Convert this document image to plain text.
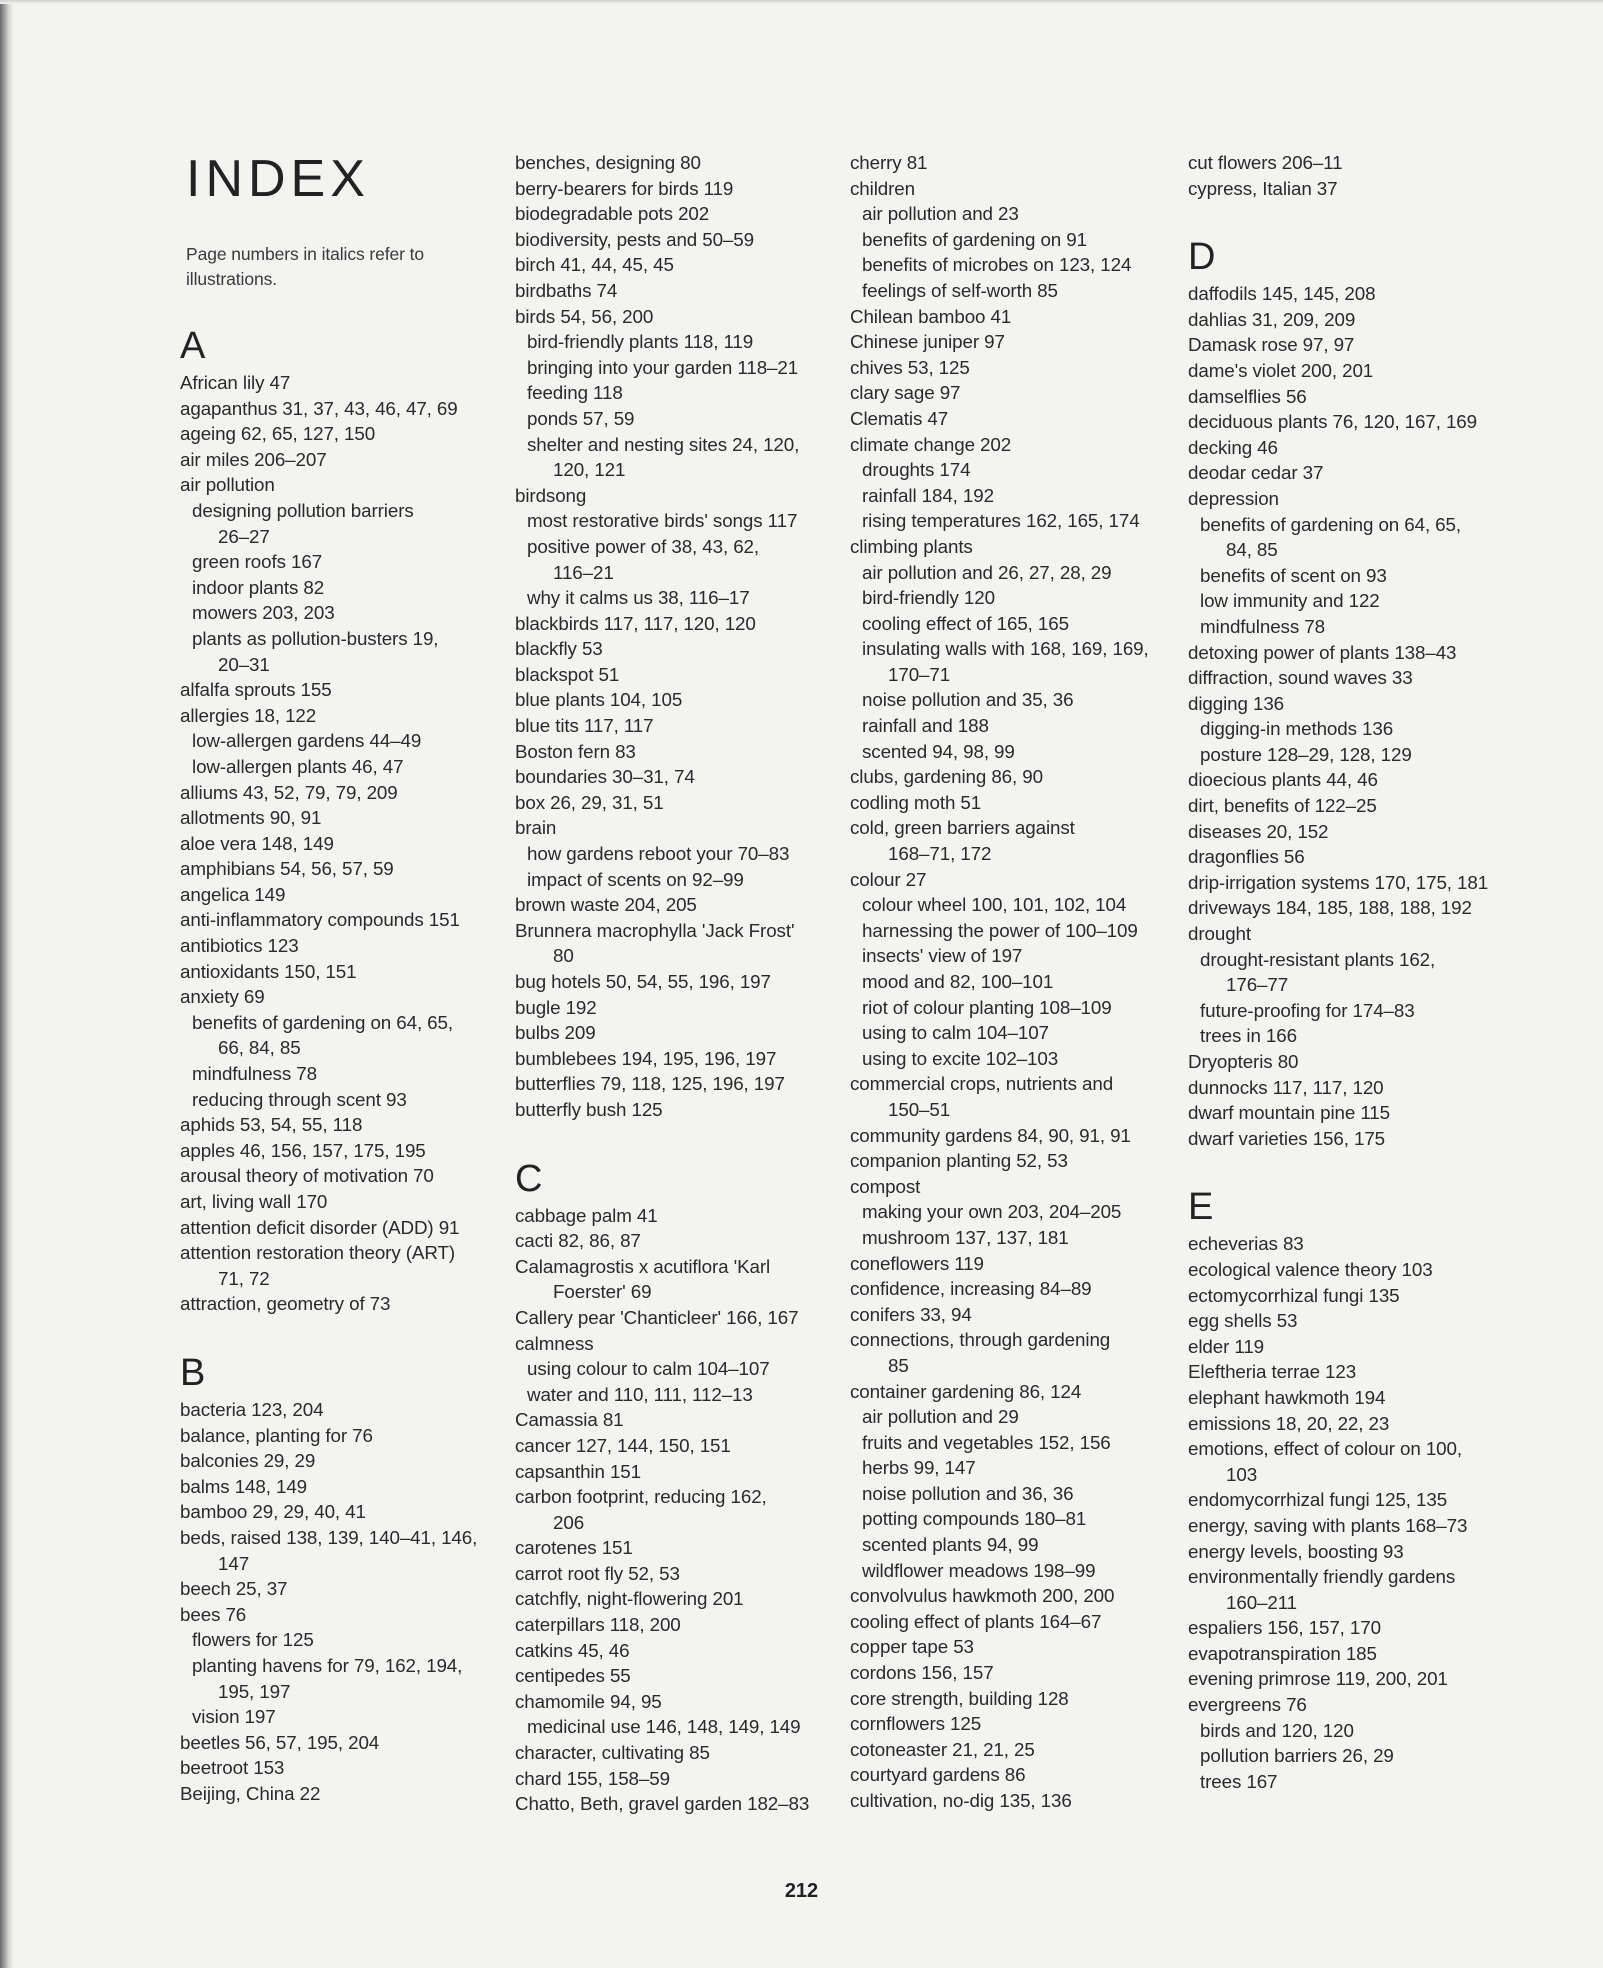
INDEX
Page numbers in italics refer to illustrations.
A
African lily 47
agapanthus 31, 37, 43, 46, 47, 69
ageing 62, 65, 127, 150
air miles 206–207
air pollution
designing pollution barriers
26–27
green roofs 167
indoor plants 82
mowers 203, 203
plants as pollution-busters 19,
20–31
alfalfa sprouts 155
allergies 18, 122
low-allergen gardens 44–49
low-allergen plants 46, 47
alliums 43, 52, 79, 79, 209
allotments 90, 91
aloe vera 148, 149
amphibians 54, 56, 57, 59
angelica 149
anti-inflammatory compounds 151
antibiotics 123
antioxidants 150, 151
anxiety 69
benefits of gardening on 64, 65,
66, 84, 85
mindfulness 78
reducing through scent 93
aphids 53, 54, 55, 118
apples 46, 156, 157, 175, 195
arousal theory of motivation 70
art, living wall 170
attention deficit disorder (ADD) 91
attention restoration theory (ART)
71, 72
attraction, geometry of 73
B
bacteria 123, 204
balance, planting for 76
balconies 29, 29
balms 148, 149
bamboo 29, 29, 40, 41
beds, raised 138, 139, 140–41, 146,
147
beech 25, 37
bees 76
flowers for 125
planting havens for 79, 162, 194,
195, 197
vision 197
beetles 56, 57, 195, 204
beetroot 153
Beijing, China 22
benches, designing 80
berry-bearers for birds 119
biodegradable pots 202
biodiversity, pests and 50–59
birch 41, 44, 45, 45
birdbaths 74
birds 54, 56, 200
bird-friendly plants 118, 119
bringing into your garden 118–21
feeding 118
ponds 57, 59
shelter and nesting sites 24, 120,
120, 121
birdsong
most restorative birds' songs 117
positive power of 38, 43, 62,
116–21
why it calms us 38, 116–17
blackbirds 117, 117, 120, 120
blackfly 53
blackspot 51
blue plants 104, 105
blue tits 117, 117
Boston fern 83
boundaries 30–31, 74
box 26, 29, 31, 51
brain
how gardens reboot your 70–83
impact of scents on 92–99
brown waste 204, 205
Brunnera macrophylla 'Jack Frost'
80
bug hotels 50, 54, 55, 196, 197
bugle 192
bulbs 209
bumblebees 194, 195, 196, 197
butterflies 79, 118, 125, 196, 197
butterfly bush 125
C
cabbage palm 41
cacti 82, 86, 87
Calamagrostis x acutiflora 'Karl
Foerster' 69
Callery pear 'Chanticleer' 166, 167
calmness
using colour to calm 104–107
water and 110, 111, 112–13
Camassia 81
cancer 127, 144, 150, 151
capsanthin 151
carbon footprint, reducing 162,
206
carotenes 151
carrot root fly 52, 53
catchfly, night-flowering 201
caterpillars 118, 200
catkins 45, 46
centipedes 55
chamomile 94, 95
medicinal use 146, 148, 149, 149
character, cultivating 85
chard 155, 158–59
Chatto, Beth, gravel garden 182–83
cherry 81
children
air pollution and 23
benefits of gardening on 91
benefits of microbes on 123, 124
feelings of self-worth 85
Chilean bamboo 41
Chinese juniper 97
chives 53, 125
clary sage 97
Clematis 47
climate change 202
droughts 174
rainfall 184, 192
rising temperatures 162, 165, 174
climbing plants
air pollution and 26, 27, 28, 29
bird-friendly 120
cooling effect of 165, 165
insulating walls with 168, 169, 169,
170–71
noise pollution and 35, 36
rainfall and 188
scented 94, 98, 99
clubs, gardening 86, 90
codling moth 51
cold, green barriers against
168–71, 172
colour 27
colour wheel 100, 101, 102, 104
harnessing the power of 100–109
insects' view of 197
mood and 82, 100–101
riot of colour planting 108–109
using to calm 104–107
using to excite 102–103
commercial crops, nutrients and
150–51
community gardens 84, 90, 91, 91
companion planting 52, 53
compost
making your own 203, 204–205
mushroom 137, 137, 181
coneflowers 119
confidence, increasing 84–89
conifers 33, 94
connections, through gardening
85
container gardening 86, 124
air pollution and 29
fruits and vegetables 152, 156
herbs 99, 147
noise pollution and 36, 36
potting compounds 180–81
scented plants 94, 99
wildflower meadows 198–99
convolvulus hawkmoth 200, 200
cooling effect of plants 164–67
copper tape 53
cordons 156, 157
core strength, building 128
cornflowers 125
cotoneaster 21, 21, 25
courtyard gardens 86
cultivation, no-dig 135, 136
cut flowers 206–11
cypress, Italian 37
D
daffodils 145, 145, 208
dahlias 31, 209, 209
Damask rose 97, 97
dame's violet 200, 201
damselflies 56
deciduous plants 76, 120, 167, 169
decking 46
deodar cedar 37
depression
benefits of gardening on 64, 65,
84, 85
benefits of scent on 93
low immunity and 122
mindfulness 78
detoxing power of plants 138–43
diffraction, sound waves 33
digging 136
digging-in methods 136
posture 128–29, 128, 129
dioecious plants 44, 46
dirt, benefits of 122–25
diseases 20, 152
dragonflies 56
drip-irrigation systems 170, 175, 181
driveways 184, 185, 188, 188, 192
drought
drought-resistant plants 162,
176–77
future-proofing for 174–83
trees in 166
Dryopteris 80
dunnocks 117, 117, 120
dwarf mountain pine 115
dwarf varieties 156, 175
E
echeverias 83
ecological valence theory 103
ectomycorrhizal fungi 135
egg shells 53
elder 119
Eleftheria terrae 123
elephant hawkmoth 194
emissions 18, 20, 22, 23
emotions, effect of colour on 100,
103
endomycorrhizal fungi 125, 135
energy, saving with plants 168–73
energy levels, boosting 93
environmentally friendly gardens
160–211
espaliers 156, 157, 170
evapotranspiration 185
evening primrose 119, 200, 201
evergreens 76
birds and 120, 120
pollution barriers 26, 29
trees 167
212
